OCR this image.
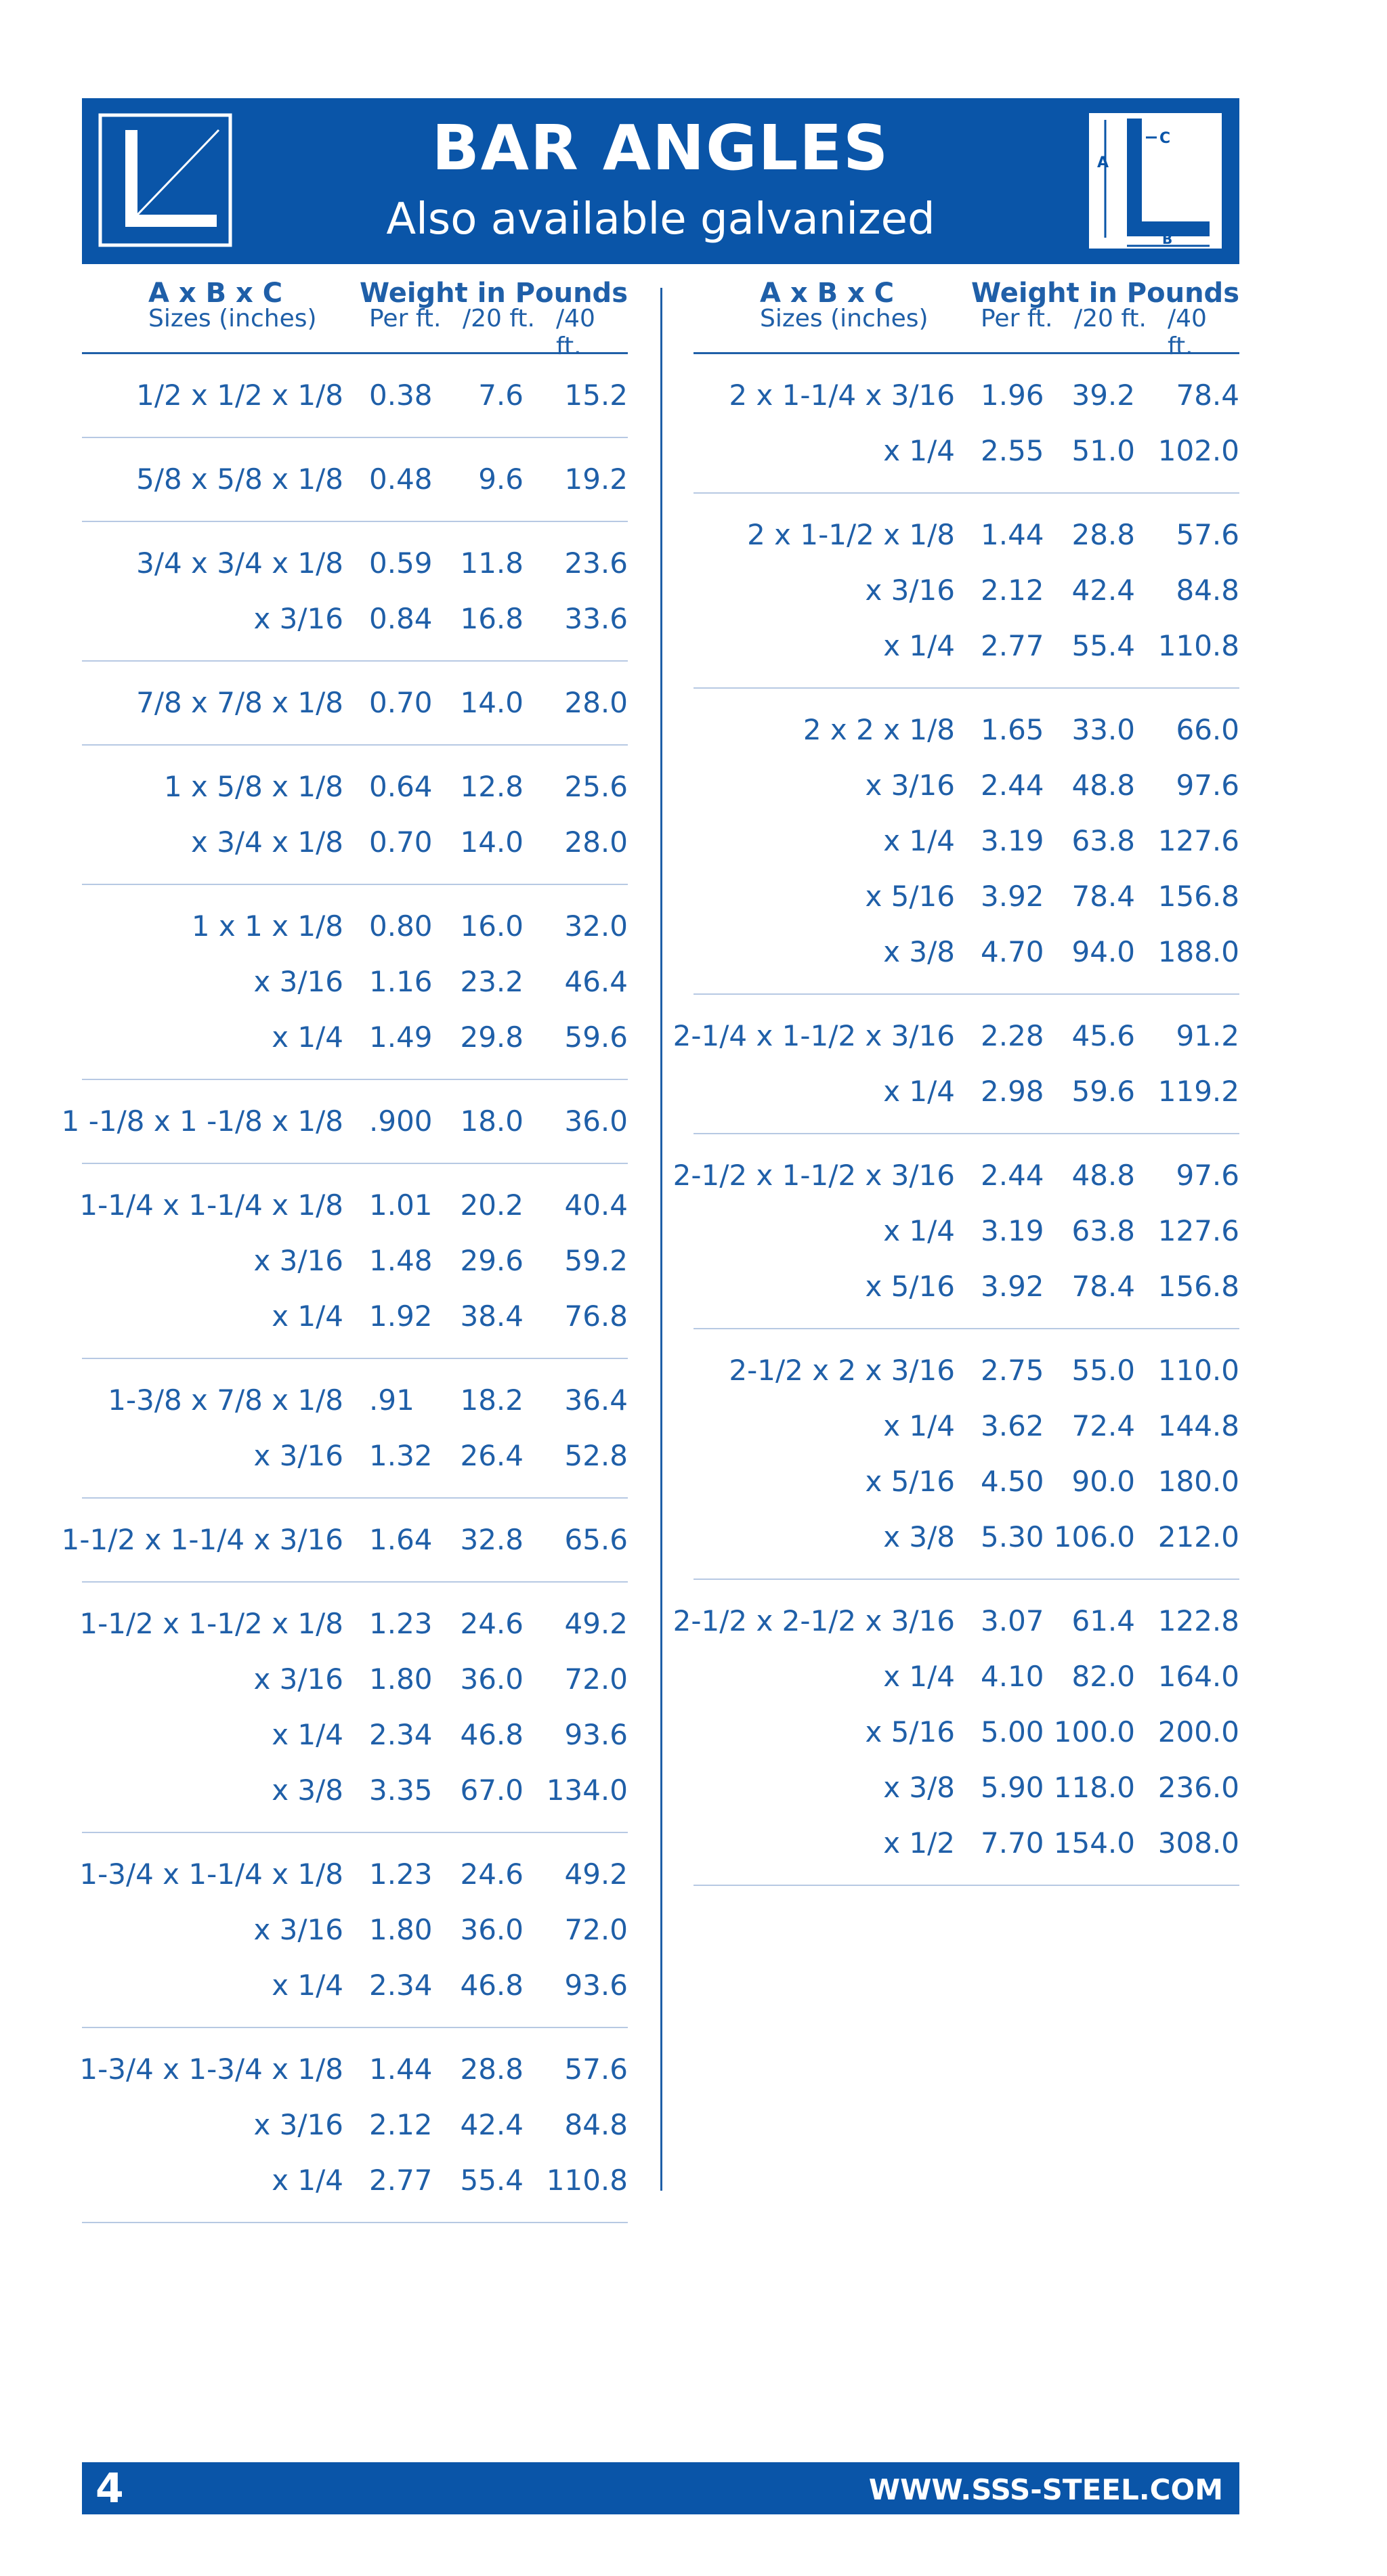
BAR ANGLES
Also available galvanized
A
C
B
A x B x C
Sizes (inches)
Weight in Pounds
Per ft. /20 ft. /40 ft.
1/2 x 1/2 x 1/8 0.38 7.6 15.2
5/8 x 5/8 x 1/8 0.48 9.6 19.2
3/4 x 3/4 x 1/8 0.59 11.8 23.6
x 3/16 0.84 16.8 33.6
7/8 x 7/8 x 1/8 0.70 14.0 28.0
1 x 5/8 x 1/8 0.64 12.8 25.6
x 3/4 x 1/8 0.70 14.0 28.0
1 x 1 x 1/8 0.80 16.0 32.0
x 3/16 1.16 23.2 46.4
x 1/4 1.49 29.8 59.6
1 -1/8 x 1 -1/8 x 1/8 .900 18.0 36.0
1-1/4 x 1-1/4 x 1/8 1.01 20.2 40.4
x 3/16 1.48 29.6 59.2
x 1/4 1.92 38.4 76.8
1-3/8 x 7/8 x 1/8 .91 18.2 36.4
x 3/16 1.32 26.4 52.8
1-1/2 x 1-1/4 x 3/16 1.64 32.8 65.6
1-1/2 x 1-1/2 x 1/8 1.23 24.6 49.2
x 3/16 1.80 36.0 72.0
x 1/4 2.34 46.8 93.6
x 3/8 3.35 67.0 134.0
1-3/4 x 1-1/4 x 1/8 1.23 24.6 49.2
x 3/16 1.80 36.0 72.0
x 1/4 2.34 46.8 93.6
1-3/4 x 1-3/4 x 1/8 1.44 28.8 57.6
x 3/16 2.12 42.4 84.8
x 1/4 2.77 55.4 110.8
A x B x C
Sizes (inches)
Weight in Pounds
Per ft. /20 ft. /40 ft.
2 x 1-1/4 x 3/16 1.96 39.2 78.4
x 1/4 2.55 51.0 102.0
2 x 1-1/2 x 1/8 1.44 28.8 57.6
x 3/16 2.12 42.4 84.8
x 1/4 2.77 55.4 110.8
2 x 2 x 1/8 1.65 33.0 66.0
x 3/16 2.44 48.8 97.6
x 1/4 3.19 63.8 127.6
x 5/16 3.92 78.4 156.8
x 3/8 4.70 94.0 188.0
2-1/4 x 1-1/2 x 3/16 2.28 45.6 91.2
x 1/4 2.98 59.6 119.2
2-1/2 x 1-1/2 x 3/16 2.44 48.8 97.6
x 1/4 3.19 63.8 127.6
x 5/16 3.92 78.4 156.8
2-1/2 x 2 x 3/16 2.75 55.0 110.0
x 1/4 3.62 72.4 144.8
x 5/16 4.50 90.0 180.0
x 3/8 5.30 106.0 212.0
2-1/2 x 2-1/2 x 3/16 3.07 61.4 122.8
x 1/4 4.10 82.0 164.0
x 5/16 5.00 100.0 200.0
x 3/8 5.90 118.0 236.0
x 1/2 7.70 154.0 308.0
4	WWW.SSS-STEEL.COM
